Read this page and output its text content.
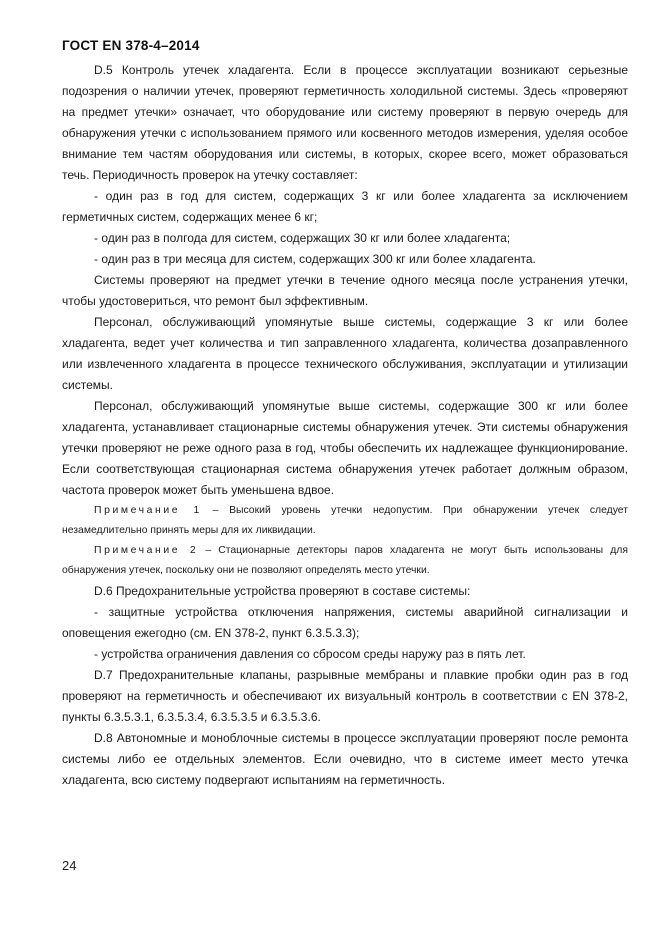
ГОСТ EN 378-4–2014

D.5 Контроль утечек хладагента. Если в процессе эксплуатации возникают серьезные подозрения о наличии утечек, проверяют герметичность холодильной системы. Здесь «проверяют на предмет утечки» означает, что оборудование или систему проверяют в первую очередь для обнаружения утечки с использованием прямого или косвенного методов измерения, уделяя особое внимание тем частям оборудования или системы, в которых, скорее всего, может образоваться течь. Периодичность проверок на утечку составляет:

- один раз в год для систем, содержащих 3 кг или более хладагента за исключением герметичных систем, содержащих менее 6 кг;

- один раз в полгода для систем, содержащих 30 кг или более хладагента;

- один раз в три месяца для систем, содержащих 300 кг или более хладагента.

Системы проверяют на предмет утечки в течение одного месяца после устранения утечки, чтобы удостовериться, что ремонт был эффективным.

Персонал, обслуживающий упомянутые выше системы, содержащие 3 кг или более хладагента, ведет учет количества и тип заправленного хладагента, количества дозаправленного или извлеченного хладагента в процессе технического обслуживания, эксплуатации и утилизации системы.

Персонал, обслуживающий упомянутые выше системы, содержащие 300 кг или более хладагента, устанавливает стационарные системы обнаружения утечек. Эти системы обнаружения утечки проверяют не реже одного раза в год, чтобы обеспечить их надлежащее функционирование. Если соответствующая стационарная система обнаружения утечек работает должным образом, частота проверок может быть уменьшена вдвое.

Примечание 1 – Высокий уровень утечки недопустим. При обнаружении утечек следует незамедлительно принять меры для их ликвидации.

Примечание 2 – Стационарные детекторы паров хладагента не могут быть использованы для обнаружения утечек, поскольку они не позволяют определять место утечки.

D.6 Предохранительные устройства проверяют в составе системы:

- защитные устройства отключения напряжения, системы аварийной сигнализации и оповещения ежегодно (см. EN 378-2, пункт 6.3.5.3.3);

- устройства ограничения давления со сбросом среды наружу раз в пять лет.

D.7 Предохранительные клапаны, разрывные мембраны и плавкие пробки один раз в год проверяют на герметичность и обеспечивают их визуальный контроль в соответствии с EN 378-2, пункты 6.3.5.3.1, 6.3.5.3.4, 6.3.5.3.5 и 6.3.5.3.6.

D.8 Автономные и моноблочные системы в процессе эксплуатации проверяют после ремонта системы либо ее отдельных элементов. Если очевидно, что в системе имеет место утечка хладагента, всю систему подвергают испытаниям на герметичность.

24
